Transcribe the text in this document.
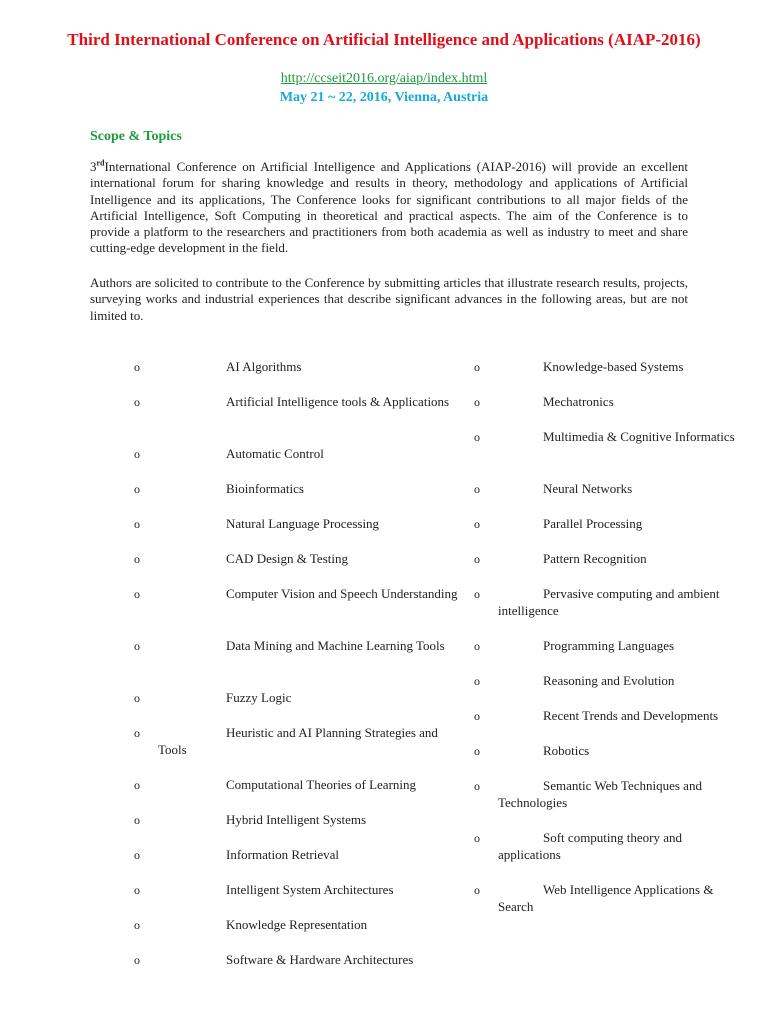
Third International Conference on Artificial Intelligence and Applications (AIAP-2016)
http://ccseit2016.org/aiap/index.html
May 21 ~ 22, 2016, Vienna, Austria
Scope & Topics

3rdInternational Conference on Artificial Intelligence and Applications (AIAP-2016) will provide an excellent international forum for sharing knowledge and results in theory, methodology and applications of Artificial Intelligence and its applications, The Conference looks for significant contributions to all major fields of the Artificial Intelligence, Soft Computing in theoretical and practical aspects. The aim of the Conference is to provide a platform to the researchers and practitioners from both academia as well as industry to meet and share cutting-edge development in the field.

Authors are solicited to contribute to the Conference by submitting articles that illustrate research results, projects, surveying works and industrial experiences that describe significant advances in the following areas, but are not limited to.

o	AI Algorithms
o	Artificial Intelligence tools & Applications
o	Automatic Control
o	Bioinformatics
o	Natural Language Processing
o	CAD Design & Testing
o	Computer Vision and Speech Understanding
o	Data Mining and Machine Learning Tools
o	Fuzzy Logic
o	Heuristic and AI Planning Strategies and Tools
o	Computational Theories of Learning
o	Hybrid Intelligent Systems
o	Information Retrieval
o	Intelligent System Architectures
o	Knowledge Representation
o	Software & Hardware Architectures
o	Knowledge-based Systems
o	Mechatronics
o	Multimedia & Cognitive Informatics
o	Neural Networks
o	Parallel Processing
o	Pattern Recognition
o	Pervasive computing and ambient intelligence
o	Programming Languages
o	Reasoning and Evolution
o	Recent Trends and Developments
o	Robotics
o	Semantic Web Techniques and Technologies
o	Soft computing theory and applications
o	Web Intelligence Applications & Search
